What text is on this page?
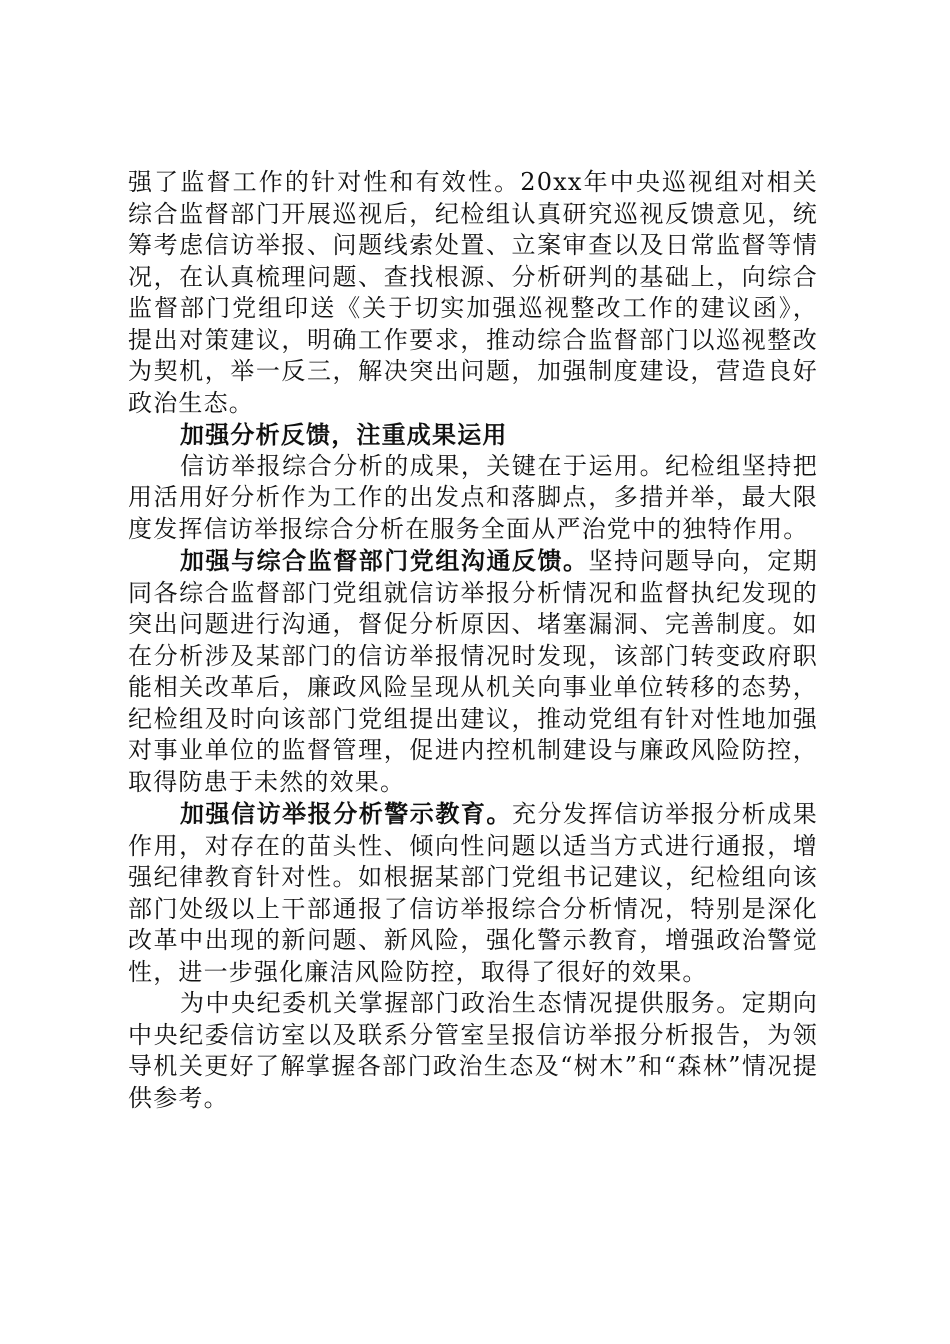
强了监督工作的针对性和有效性。20xx年中央巡视组对相关综合监督部门开展巡视后，纪检组认真研究巡视反馈意见，统筹考虑信访举报、问题线索处置、立案审查以及日常监督等情况，在认真梳理问题、查找根源、分析研判的基础上，向综合监督部门党组印送《关于切实加强巡视整改工作的建议函》，提出对策建议，明确工作要求，推动综合监督部门以巡视整改为契机，举一反三，解决突出问题，加强制度建设，营造良好政治生态。

加强分析反馈，注重成果运用

信访举报综合分析的成果，关键在于运用。纪检组坚持把用活用好分析作为工作的出发点和落脚点，多措并举，最大限度发挥信访举报综合分析在服务全面从严治党中的独特作用。

加强与综合监督部门党组沟通反馈。坚持问题导向，定期同各综合监督部门党组就信访举报分析情况和监督执纪发现的突出问题进行沟通，督促分析原因、堵塞漏洞、完善制度。如在分析涉及某部门的信访举报情况时发现，该部门转变政府职能相关改革后，廉政风险呈现从机关向事业单位转移的态势，纪检组及时向该部门党组提出建议，推动党组有针对性地加强对事业单位的监督管理，促进内控机制建设与廉政风险防控，取得防患于未然的效果。

加强信访举报分析警示教育。充分发挥信访举报分析成果作用，对存在的苗头性、倾向性问题以适当方式进行通报，增强纪律教育针对性。如根据某部门党组书记建议，纪检组向该部门处级以上干部通报了信访举报综合分析情况，特别是深化改革中出现的新问题、新风险，强化警示教育，增强政治警觉性，进一步强化廉洁风险防控，取得了很好的效果。

为中央纪委机关掌握部门政治生态情况提供服务。定期向中央纪委信访室以及联系分管室呈报信访举报分析报告，为领导机关更好了解掌握各部门政治生态及“树木”和“森林”情况提供参考。
